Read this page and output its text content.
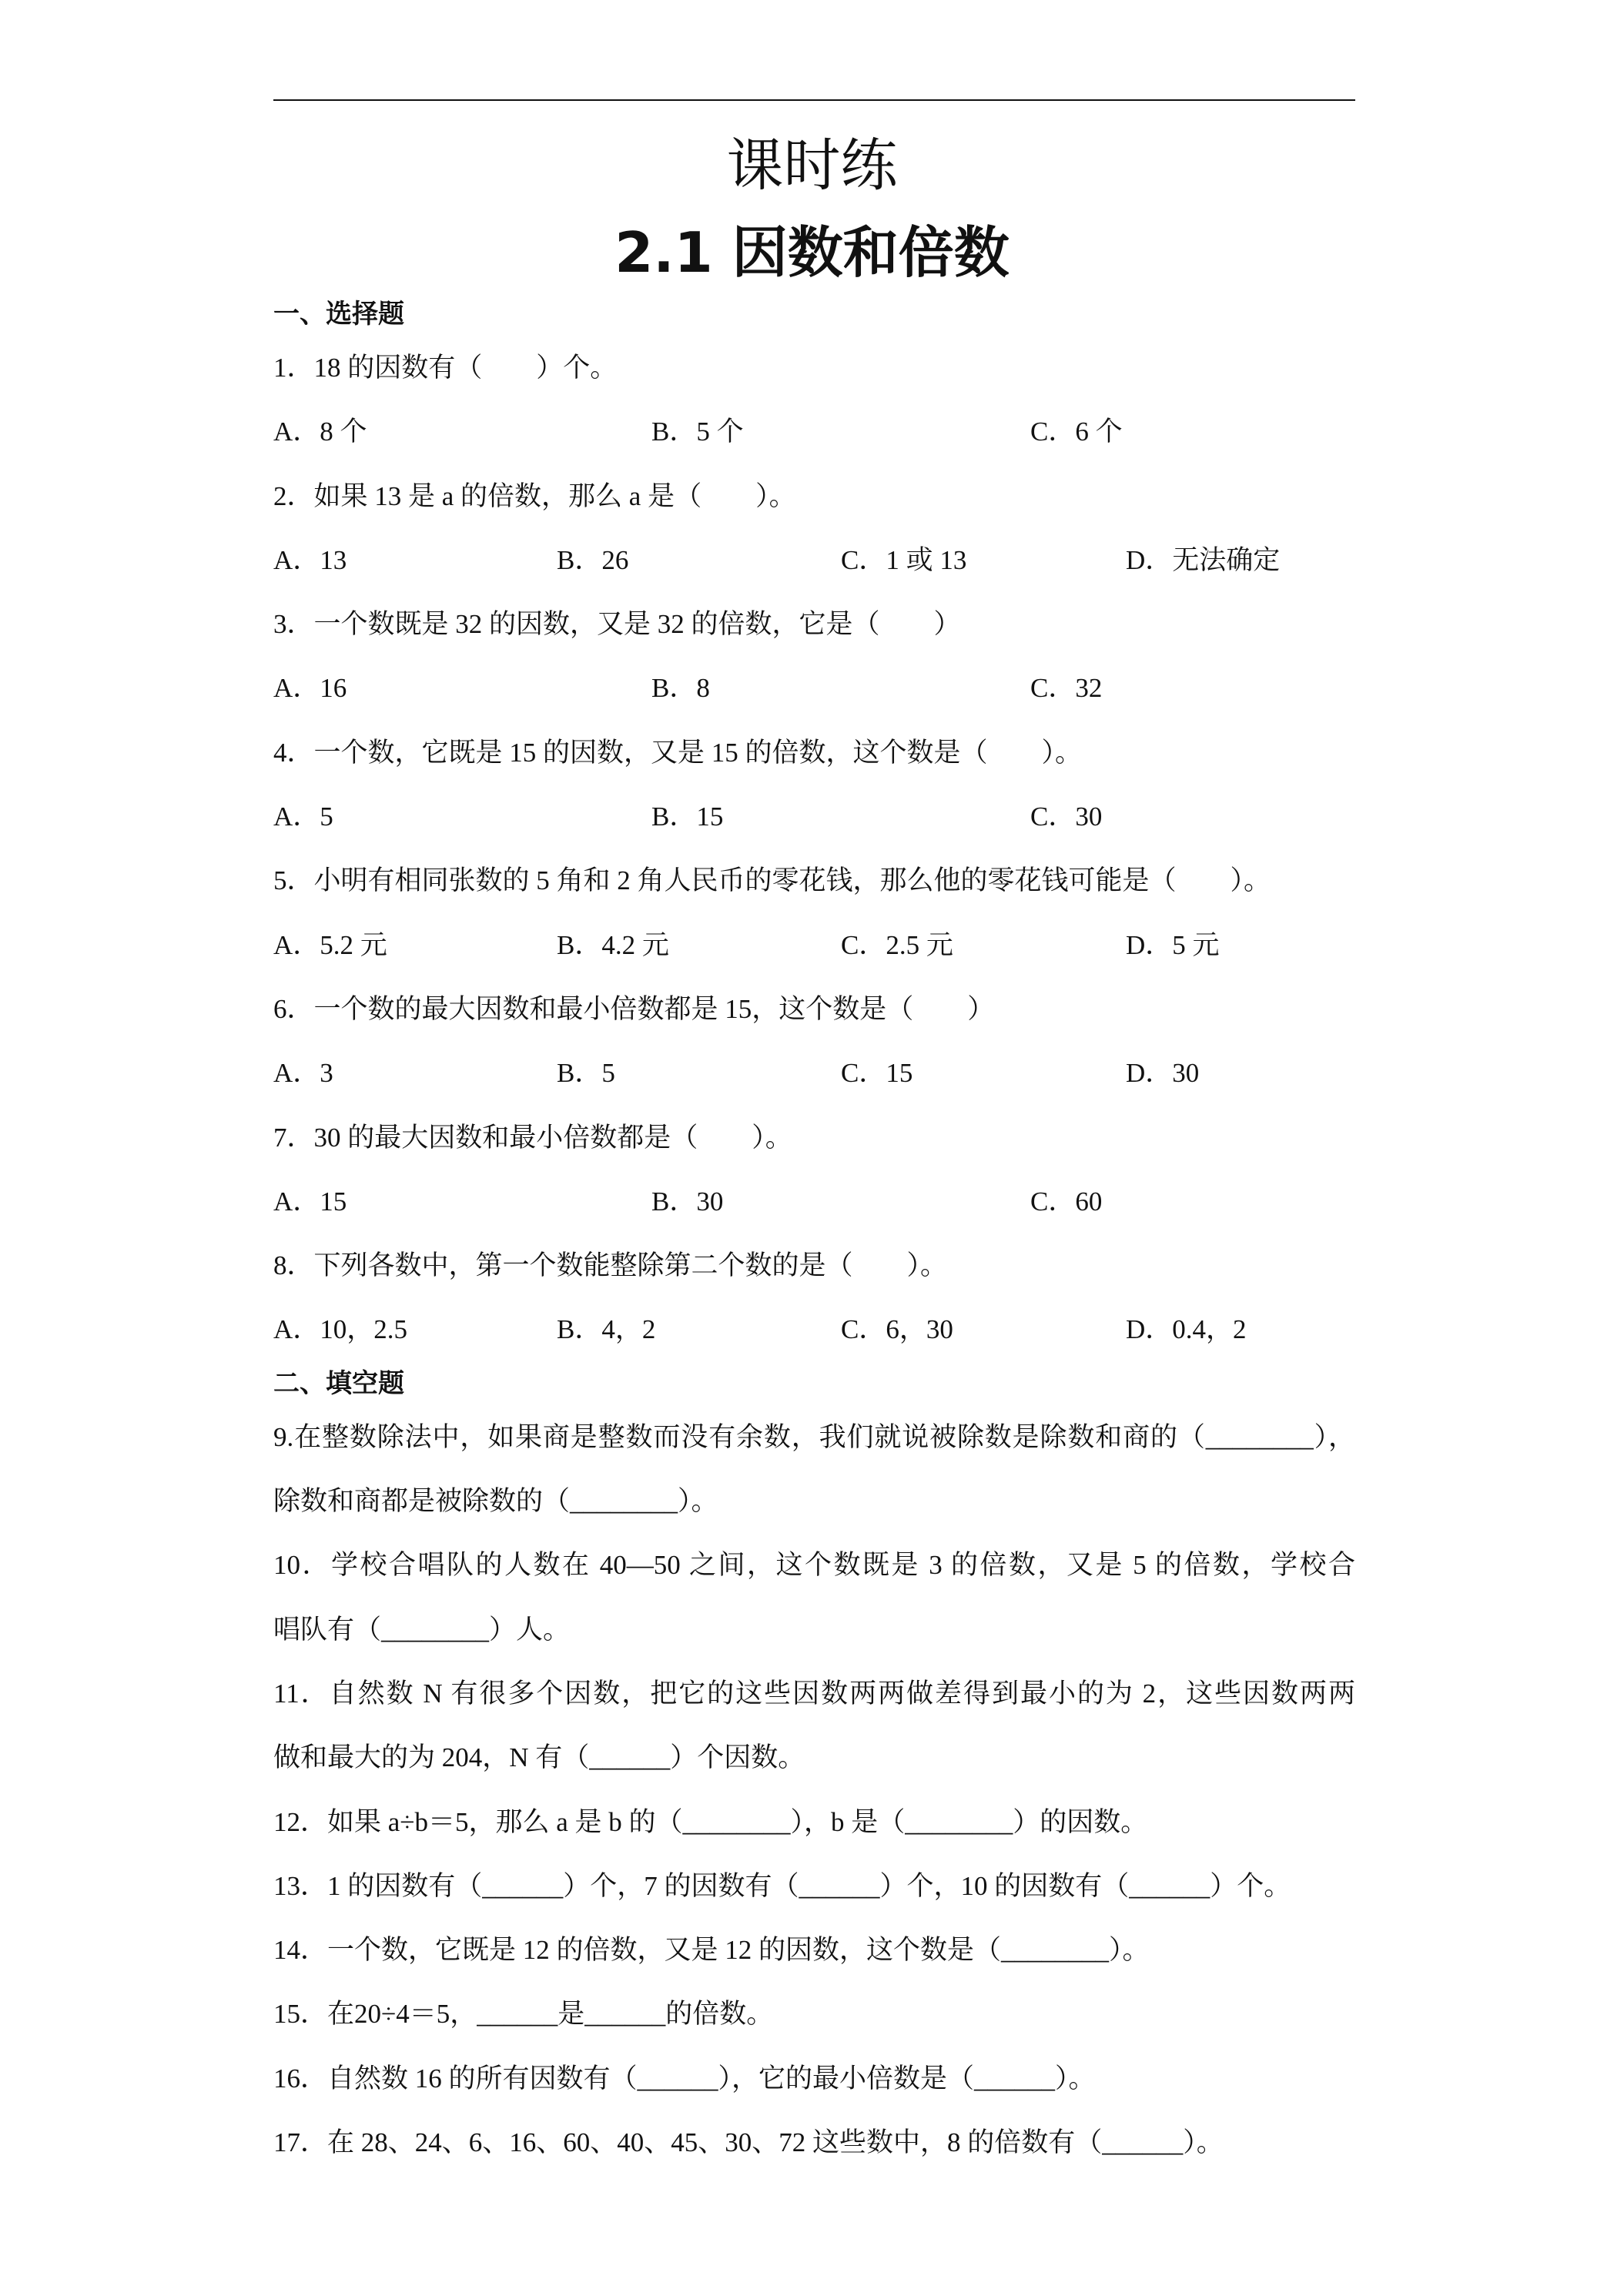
课时练
2.1 因数和倍数
一、选择题
1．18 的因数有（　　）个。
A．8 个	B．5 个	C．6 个
2．如果 13 是 a 的倍数，那么 a 是（　　）。
A．13	B．26	C．1 或 13	D．无法确定
3．一个数既是 32 的因数，又是 32 的倍数，它是（　　）
A．16	B．8	C．32
4．一个数，它既是 15 的因数，又是 15 的倍数，这个数是（　　）。
A．5	B．15	C．30
5．小明有相同张数的 5 角和 2 角人民币的零花钱，那么他的零花钱可能是（　　）。
A．5.2 元	B．4.2 元	C．2.5 元	D．5 元
6．一个数的最大因数和最小倍数都是 15，这个数是（　　）
A．3	B．5	C．15	D．30
7．30 的最大因数和最小倍数都是（　　）。
A．15	B．30	C．60
8．下列各数中，第一个数能整除第二个数的是（　　）。
A．10，2.5	B．4，2	C．6，30	D．0.4，2
二、填空题
9.在整数除法中，如果商是整数而没有余数，我们就说被除数是除数和商的（________），
除数和商都是被除数的（________）。
10．学校合唱队的人数在 40—50 之间，这个数既是 3 的倍数，又是 5 的倍数，学校合
唱队有（________）人。
11．自然数 N 有很多个因数，把它的这些因数两两做差得到最小的为 2，这些因数两两
做和最大的为 204，N 有（______）个因数。
12．如果 a÷b＝5，那么 a 是 b 的（________），b 是（________）的因数。
13．1 的因数有（______）个，7 的因数有（______）个，10 的因数有（______）个。
14．一个数，它既是 12 的倍数，又是 12 的因数，这个数是（________）。
15．在20÷4＝5，______是______的倍数。
16．自然数 16 的所有因数有（______），它的最小倍数是（______）。
17．在 28、24、6、16、60、40、45、30、72 这些数中，8 的倍数有（______）。
